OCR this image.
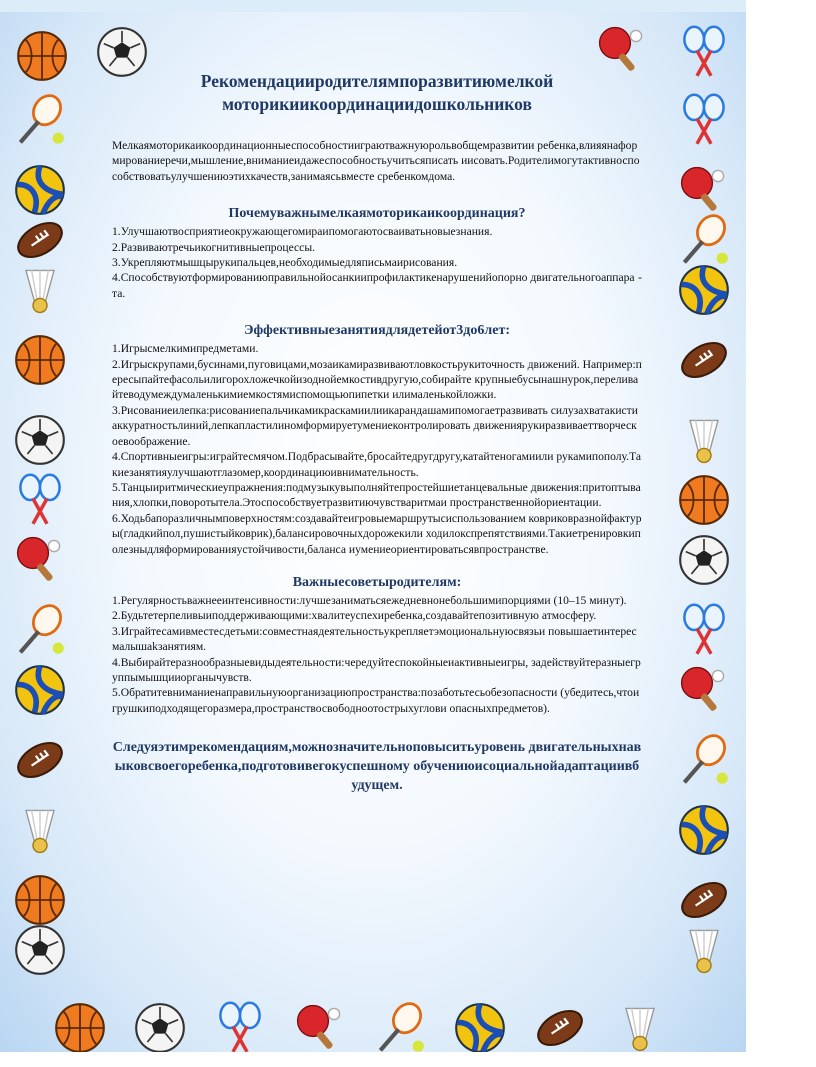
Рекомендацииродителямпоразвитиюмелкой моторикиикоординациидошкольников
Мелкаямоторикаикоординационныеспособностииграютважнуюрольвобщемразвитии ребенка,влияянаформированиеречи,мышление,вниманиеидажеспособностьучитьсяписать иисовать.Родителимогутактивноспособствоватьулучшениюэтихкачеств,занимаясьвместе сребенкомдома.
Почемуважнымелкаямоторикаикоординация?
1.Улучшаютвосприятиеокружающегомираипомогаютосваиватьновыезнания.
2.Развиваютречьикогнитивныепроцессы.
3.Укрепляютмышцырукипальцев,необходимыедляписьмаирисования.
-
4.Способствуютформированиюправильнойосанкиипрофилактикенарушенийопорно двигательногоаппарата.
Эффективныезанятиядлядетейот3до6лет:
1.Игрысмелкимипредметами.
2.Игрыскрупами,бусинами,пуговицами,мозаикамиразвиваютловкостьрукиточность движений. Например:пересыпайтефасольилигорохложечкойизоднойемкостивдругую,собирайте крупныебусынашнурок,переливайтеводумеждумаленькимиемкостямиспомощьюпипетки илималенькойложки.
3.Рисованиеилепка:рисованиепальчикамикраскамиилиикарандашамипомогаетразвивать силузахватакистиаккуратностьлиний,лепкапластилиномформируетумениеконтролировать движениярукиразвиваеттворческоевоображение.
4.Спортивныеигры:играйтесмячом.Подбрасывайте,бросайтедругдругу,катайтеногамиили рукамипополу.Такиезанятияулучшаютглазомер,координациюивнимательность.
5.Танцыиритмическиеупражнения:подмузыкувыполняйтепростейшиетанцевальные движения:притоптывания,хлопки,поворотытела.Этоспособствуетразвитиючувстваритмаи пространственнойориентации.
6.Ходьбапоразличнымповерхностям:создавайтеигровыемаршрутысиспользованием ковриковразнойфактуры(гладкийпол,пушистыйковрик),балансировочныхдорожекили ходилокспрепятствиями.Такиетренировкиполезныдляформированияустойчивости,баланса иумениеориентироватьсявпространстве.
Важныесоветыродителям:
1.Регулярностьважнееинтенсивности:лучшезаниматьсяежедневнонебольшимипорциями (10–15 минут).
2.Будьтетерпеливыиподдерживающими:хвалитеуспехиребенка,создавайтепозитивную атмосферу.
3.Играйтесамивместесдетьми:совместнаядеятельностьукрепляетэмоциональнуюсвязьи повышаетинтересмалышаkзанятиям.
4.Выбирайтеразнообразныевидыдеятельности:чередуйтеспокойныеиактивныеигры, задействуйтеразныегруппымышцииорганычувств.
5.Обратитевниманиенаправильнуюорганизациюпространства:позаботьтесьобезопасности (убедитесь,чтоигрушкиподходящегоразмера,пространствосвободноотострыхуглови опасныхпредметов).
Следуяэтимрекомендациям,можнозначительноповыситьуровень двигательныхнавыковсвоегоребенка,подготовивегокуспешному обучениюисоциальнойадаптациивбудущем.
